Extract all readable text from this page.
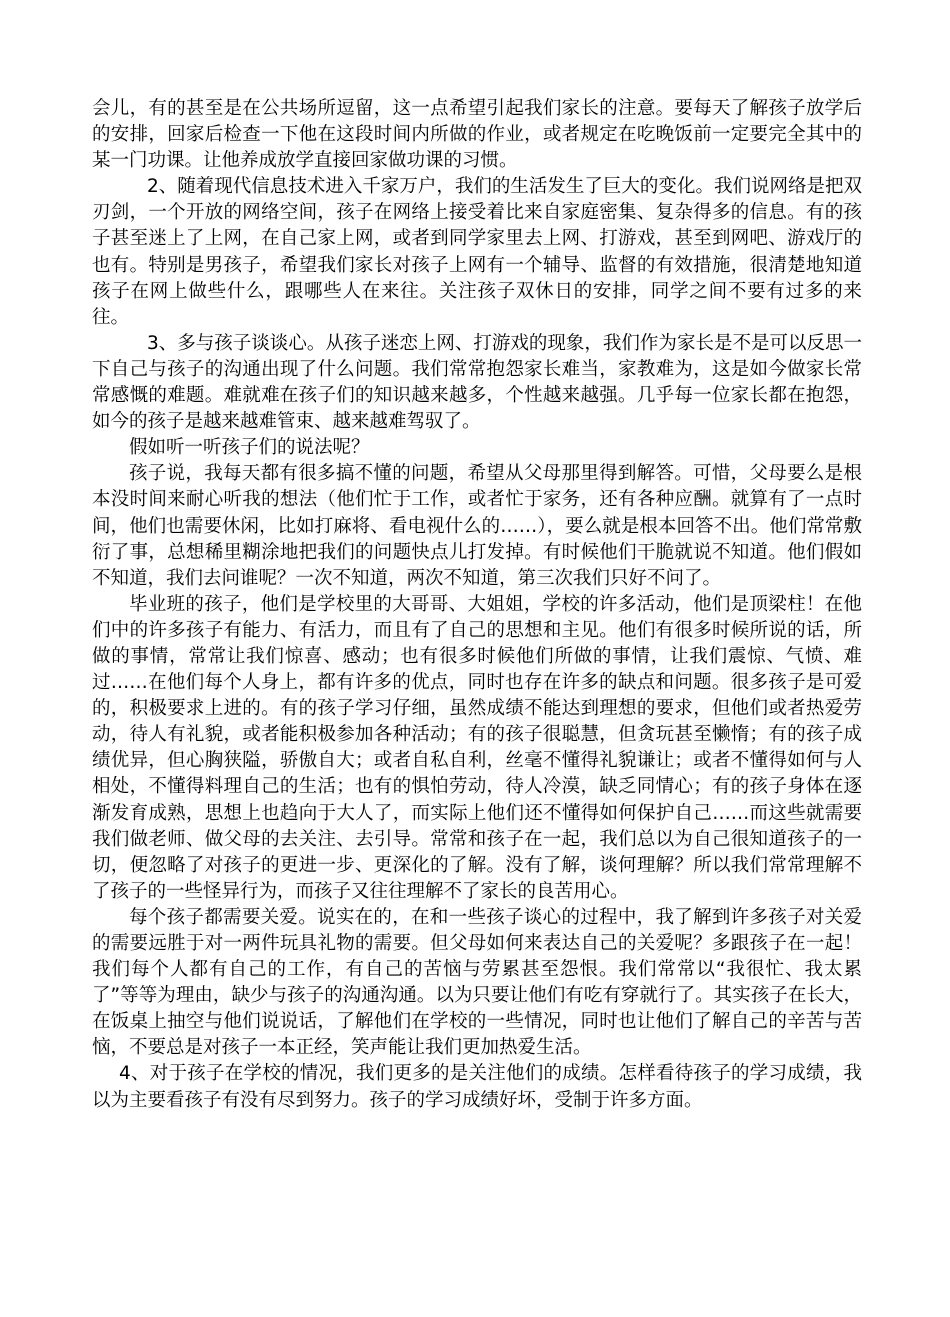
会儿，有的甚至是在公共场所逗留，这一点希望引起我们家长的注意。要每天了解孩子放学后的安排，回家后检查一下他在这段时间内所做的作业，或者规定在吃晚饭前一定要完全其中的某一门功课。让他养成放学直接回家做功课的习惯。

2、随着现代信息技术进入千家万户，我们的生活发生了巨大的变化。我们说网络是把双刃剑，一个开放的网络空间，孩子在网络上接受着比来自家庭密集、复杂得多的信息。有的孩子甚至迷上了上网，在自己家上网，或者到同学家里去上网、打游戏，甚至到网吧、游戏厅的也有。特别是男孩子，希望我们家长对孩子上网有一个辅导、监督的有效措施，很清楚地知道孩子在网上做些什么，跟哪些人在来往。关注孩子双休日的安排，同学之间不要有过多的来往。

3、多与孩子谈谈心。从孩子迷恋上网、打游戏的现象，我们作为家长是不是可以反思一下自己与孩子的沟通出现了什么问题。我们常常抱怨家长难当，家教难为，这是如今做家长常常感慨的难题。难就难在孩子们的知识越来越多，个性越来越强。几乎每一位家长都在抱怨，如今的孩子是越来越难管束、越来越难驾驭了。

假如听一听孩子们的说法呢？

孩子说，我每天都有很多搞不懂的问题，希望从父母那里得到解答。可惜，父母要么是根本没时间来耐心听我的想法（他们忙于工作，或者忙于家务，还有各种应酬。就算有了一点时间，他们也需要休闲，比如打麻将、看电视什么的……），要么就是根本回答不出。他们常常敷衍了事，总想稀里糊涂地把我们的问题快点儿打发掉。有时候他们干脆就说不知道。他们假如不知道，我们去问谁呢？一次不知道，两次不知道，第三次我们只好不问了。

毕业班的孩子，他们是学校里的大哥哥、大姐姐，学校的许多活动，他们是顶梁柱！在他们中的许多孩子有能力、有活力，而且有了自己的思想和主见。他们有很多时候所说的话，所做的事情，常常让我们惊喜、感动；也有很多时候他们所做的事情，让我们震惊、气愤、难过……在他们每个人身上，都有许多的优点，同时也存在许多的缺点和问题。很多孩子是可爱的，积极要求上进的。有的孩子学习仔细，虽然成绩不能达到理想的要求，但他们或者热爱劳动，待人有礼貌，或者能积极参加各种活动；有的孩子很聪慧，但贪玩甚至懒惰；有的孩子成绩优异，但心胸狭隘，骄傲自大；或者自私自利，丝毫不懂得礼貌谦让；或者不懂得如何与人相处，不懂得料理自己的生活；也有的惧怕劳动，待人冷漠，缺乏同情心；有的孩子身体在逐渐发育成熟，思想上也趋向于大人了，而实际上他们还不懂得如何保护自己……而这些就需要我们做老师、做父母的去关注、去引导。常常和孩子在一起，我们总以为自己很知道孩子的一切，便忽略了对孩子的更进一步、更深化的了解。没有了解，谈何理解？所以我们常常理解不了孩子的一些怪异行为，而孩子又往往理解不了家长的良苦用心。

每个孩子都需要关爱。说实在的，在和一些孩子谈心的过程中，我了解到许多孩子对关爱的需要远胜于对一两件玩具礼物的需要。但父母如何来表达自己的关爱呢？多跟孩子在一起！我们每个人都有自己的工作，有自己的苦恼与劳累甚至怨恨。我们常常以“我很忙、我太累了”等等为理由，缺少与孩子的沟通沟通。以为只要让他们有吃有穿就行了。其实孩子在长大，在饭桌上抽空与他们说说话，了解他们在学校的一些情况，同时也让他们了解自己的辛苦与苦恼，不要总是对孩子一本正经，笑声能让我们更加热爱生活。

4、对于孩子在学校的情况，我们更多的是关注他们的成绩。怎样看待孩子的学习成绩，我以为主要看孩子有没有尽到努力。孩子的学习成绩好坏，受制于许多方面。
